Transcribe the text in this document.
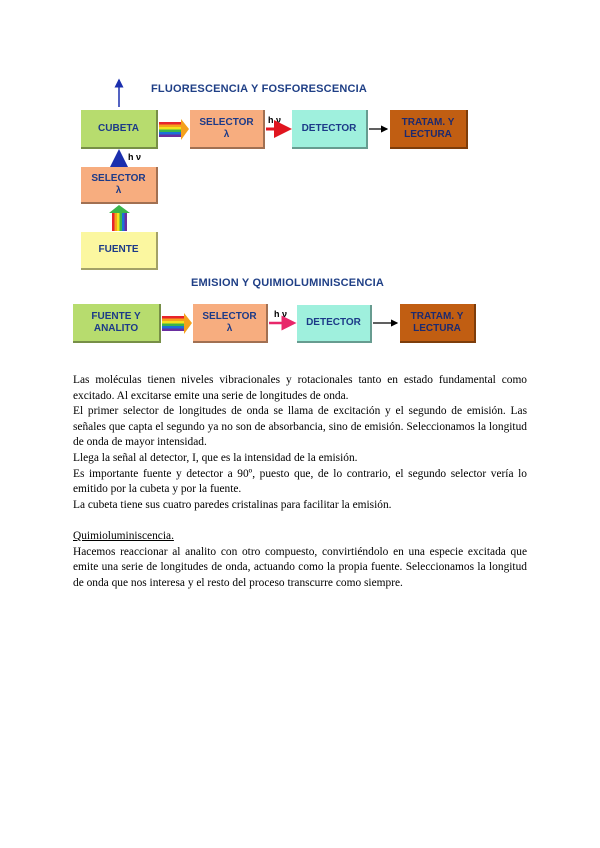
FLUORESCENCIA Y FOSFORESCENCIA
CUBETA
SELECTOR
λ
DETECTOR
TRATAM. Y
LECTURA
SELECTOR
λ
FUENTE
h ν
h ν
EMISION Y QUIMIOLUMINISCENCIA
FUENTE Y
ANALITO
SELECTOR
λ	DETECTOR
TRATAM. Y
LECTURA
h ν

Las moléculas tienen niveles vibracionales y rotacionales tanto en estado fundamental como excitado. Al excitarse emite una serie de longitudes de onda.

El primer selector de longitudes de onda se llama de excitación y el segundo de emisión. Las señales que capta el segundo ya no son de absorbancia, sino de emisión. Seleccionamos la longitud de onda de mayor intensidad.

Llega la señal al detector, I, que es la intensidad de la emisión.

Es importante fuente y detector a 90º, puesto que, de lo contrario, el segundo selector vería lo emitido por la cubeta y por la fuente.

La cubeta tiene sus cuatro paredes cristalinas para facilitar la emisión.

Quimioluminiscencia.

Hacemos reaccionar al analito con otro compuesto, convirtiéndolo en una especie excitada que emite una serie de longitudes de onda, actuando como la propia fuente. Seleccionamos la longitud de onda que nos interesa y el resto del proceso transcurre como siempre.
